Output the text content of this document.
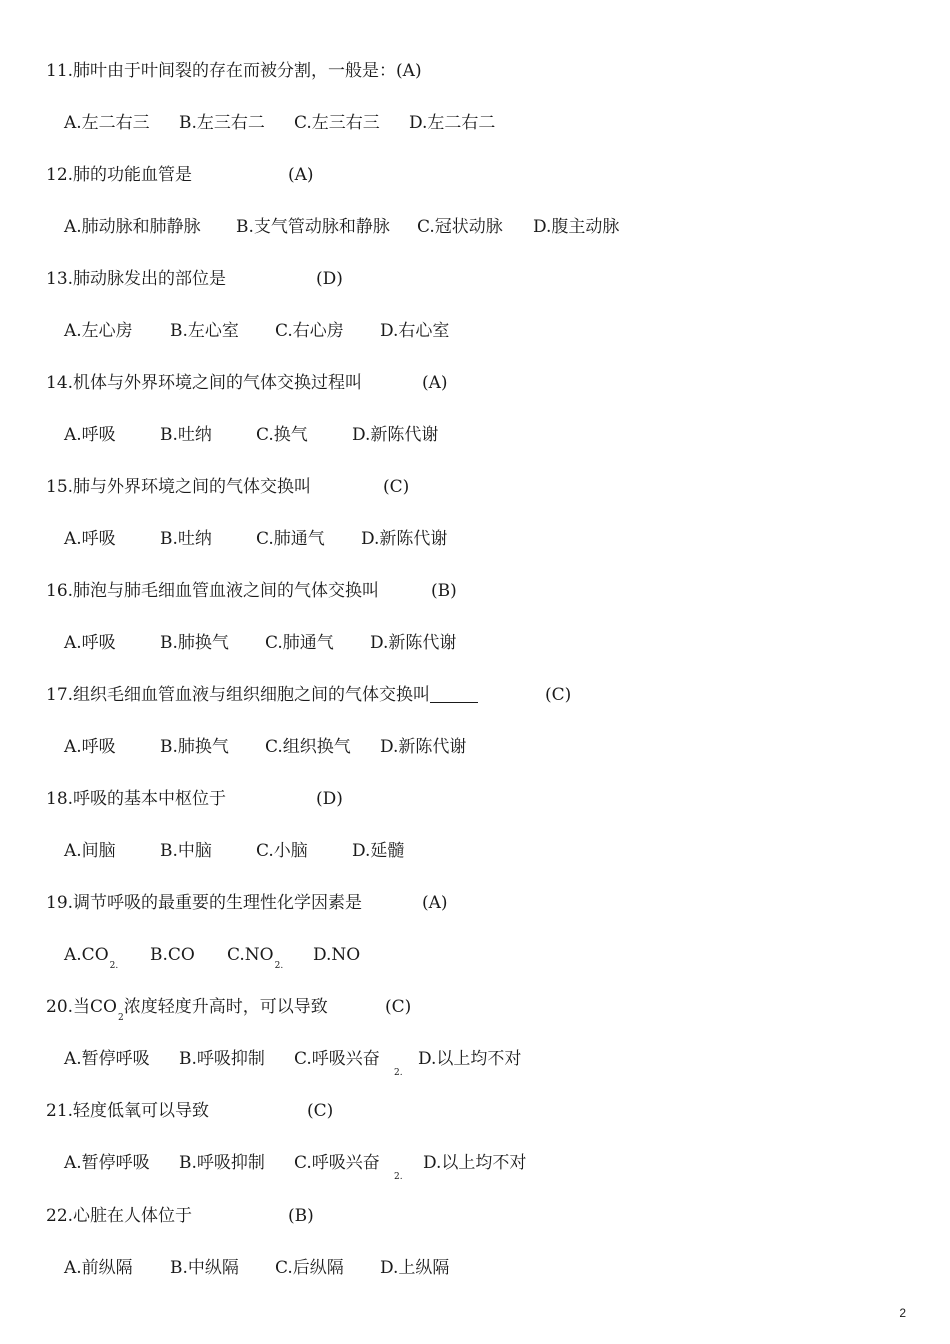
11.肺叶由于叶间裂的存在而被分割，一般是：(A)
A.左二右三 B.左三右二 C.左三右三 D.左二右二
12.肺的功能血管是	(A)
A.肺动脉和肺静脉 B.支气管动脉和静脉 C.冠状动脉 D.腹主动脉
13.肺动脉发出的部位是	(D)
A.左心房 B.左心室 C.右心房 D.右心室
14.机体与外界环境之间的气体交换过程叫	(A)
A.呼吸	B.吐纳	C.换气	D.新陈代谢
15.肺与外界环境之间的气体交换叫	(C)
A.呼吸	B.吐纳	C.肺通气 D.新陈代谢
16.肺泡与肺毛细血管血液之间的气体交换叫	(B)
A.呼吸	B.肺换气 C.肺通气 D.新陈代谢
17.组织毛细血管血液与组织细胞之间的气体交换叫	(C)
A.呼吸	B.肺换气 C.组织换气 D.新陈代谢
18.呼吸的基本中枢位于	(D)
A.间脑	B.中脑	C.小脑	D.延髓
19.调节呼吸的最重要的生理性化学因素是	(A)
$A.CO_{2.}$
B.CO $C.NO_{2.}$
D.NO
20.当$CO_2$浓度轻度升高时，可以导致	(C)
A.暂停呼吸 B.呼吸抑制 C.呼吸兴奋 D.以上均不对
2.
21.轻度低氧可以导致	(C)
A.暂停呼吸 B.呼吸抑制 C.呼吸兴奋	D.以上均不对
2.
22.心脏在人体位于	(B)
A.前纵隔 B.中纵隔 C.后纵隔 D.上纵隔
2
